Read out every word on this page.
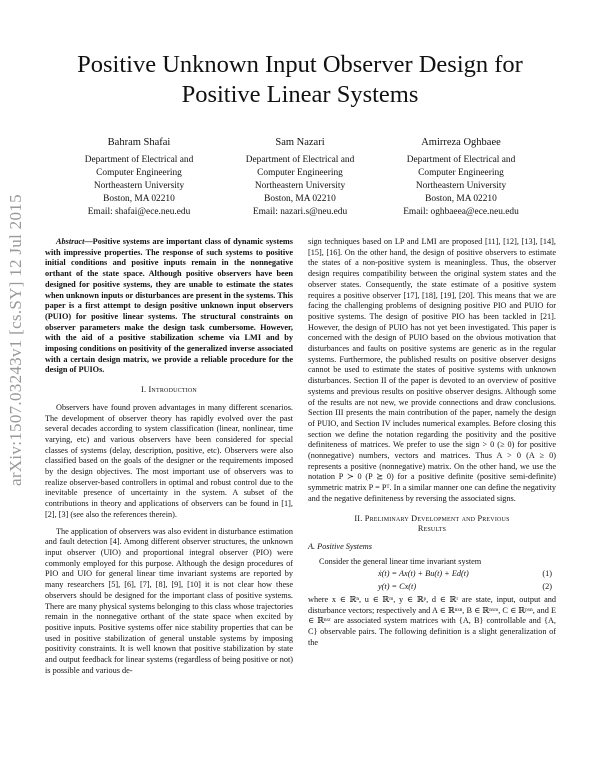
arXiv:1507.03243v1 [cs.SY] 12 Jul 2015
Positive Unknown Input Observer Design for
Positive Linear Systems
Bahram Shafai
Department of Electrical and
Computer Engineering
Northeastern University
Boston, MA 02210
Email: shafai@ece.neu.edu
Sam Nazari
Department of Electrical and
Computer Engineering
Northeastern University
Boston, MA 02210
Email: nazari.s@neu.edu
Amirreza Oghbaee
Department of Electrical and
Computer Engineering
Northeastern University
Boston, MA 02210
Email: oghbaeea@ece.neu.edu

Abstract—Positive systems are important class of dynamic systems with impressive properties. The response of such systems to positive initial conditions and positive inputs remain in the nonnegative orthant of the state space. Although positive observers have been designed for positive systems, they are unable to estimate the states when unknown inputs or disturbances are present in the systems. This paper is a first attempt to design positive unknown input observers (PUIO) for positive linear systems. The structural constraints on observer parameters make the design task cumbersome. However, with the aid of a positive stabilization scheme via LMI and by imposing conditions on positivity of the generalized inverse associated with a certain design matrix, we provide a reliable procedure for the design of PUIOs.

I. Introduction

Observers have found proven advantages in many different scenarios. The development of observer theory has rapidly evolved over the past several decades according to system classification (linear, nonlinear, time varying, etc) and various observers have been considered for special classes of systems (delay, description, positive, etc). Observers were also classified based on the goals of the designer or the requirements imposed by the design objectives. The most important use of observers was to realize observer-based controllers in optimal and robust control due to the inevitable presence of uncertainty in the system. A subset of the contributions in theory and applications of observers can be found in [1], [2], [3] (see also the references therein).

The application of observers was also evident in disturbance estimation and fault detection [4]. Among different observer structures, the unknown input observer (UIO) and proportional integral observer (PIO) were commonly employed for this purpose. Although the design procedures of PIO and UIO for general linear time invariant systems are reported by many researchers [5], [6], [7], [8], [9], [10] it is not clear how these observers should be designed for the important class of positive systems. There are many physical systems belonging to this class whose trajectories remain in the nonnegative orthant of the state space when excited by positive inputs. Positive systems offer nice stability properties that can be used in positive stabilization of general unstable systems by imposing positivity constraints. It is well known that positive stabilization by state and output feedback for linear systems (regardless of being positive or not) is possible and various de-

sign techniques based on LP and LMI are proposed [11], [12], [13], [14], [15], [16]. On the other hand, the design of positive observers to estimate the states of a non-positive system is meaningless. Thus, the observer design requires compatibility between the original system states and the observer states. Consequently, the state estimate of a positive system requires a positive observer [17], [18], [19], [20]. This means that we are facing the challenging problems of designing positive PIO and PUIO for positive systems. The design of positive PIO has been tackled in [21]. However, the design of PUIO has not yet been investigated. This paper is concerned with the design of PUIO based on the obvious motivation that disturbances and faults on positive systems are generic as in the regular systems. Furthermore, the published results on positive observer designs cannot be used to estimate the states of positive systems with unknown disturbances. Section II of the paper is devoted to an overview of positive systems and previous results on positive observer designs. Although some of the results are not new, we provide connections and draw conclusions. Section III presents the main contribution of the paper, namely the design of PUIO, and Section IV includes numerical examples. Before closing this section we define the notation regarding the positivity and the positive definiteness of matrices. We prefer to use the sign > 0 (≥ 0) for positive (nonnegative) numbers, vectors and matrices. Thus A > 0 (A ≥ 0) represents a positive (nonnegative) matrix. On the other hand, we use the notation P ≻ 0 (P ⪰ 0) for a positive definite (positive semi-definite) symmetric matrix P = Pᵀ. In a similar manner one can define the negativity and the negative definiteness by reversing the associated signs.

II. Preliminary Development and Previous
Results
A. Positive Systems

Consider the general linear time invariant system

ẋ(t) = Ax(t) + Bu(t) + Ed(t)	(1)
y(t) = Cx(t)	(2)

where x ∈ ℝⁿ, u ∈ ℝᵐ, y ∈ ℝᵖ, d ∈ ℝʳ are state, input, output and disturbance vectors; respectively and A ∈ ℝⁿˣⁿ, B ∈ ℝⁿˣᵐ, C ∈ ℝᵖˣⁿ, and E ∈ ℝⁿˣʳ are associated system matrices with {A, B} controllable and {A, C} observable pairs. The following definition is a slight generalization of the
